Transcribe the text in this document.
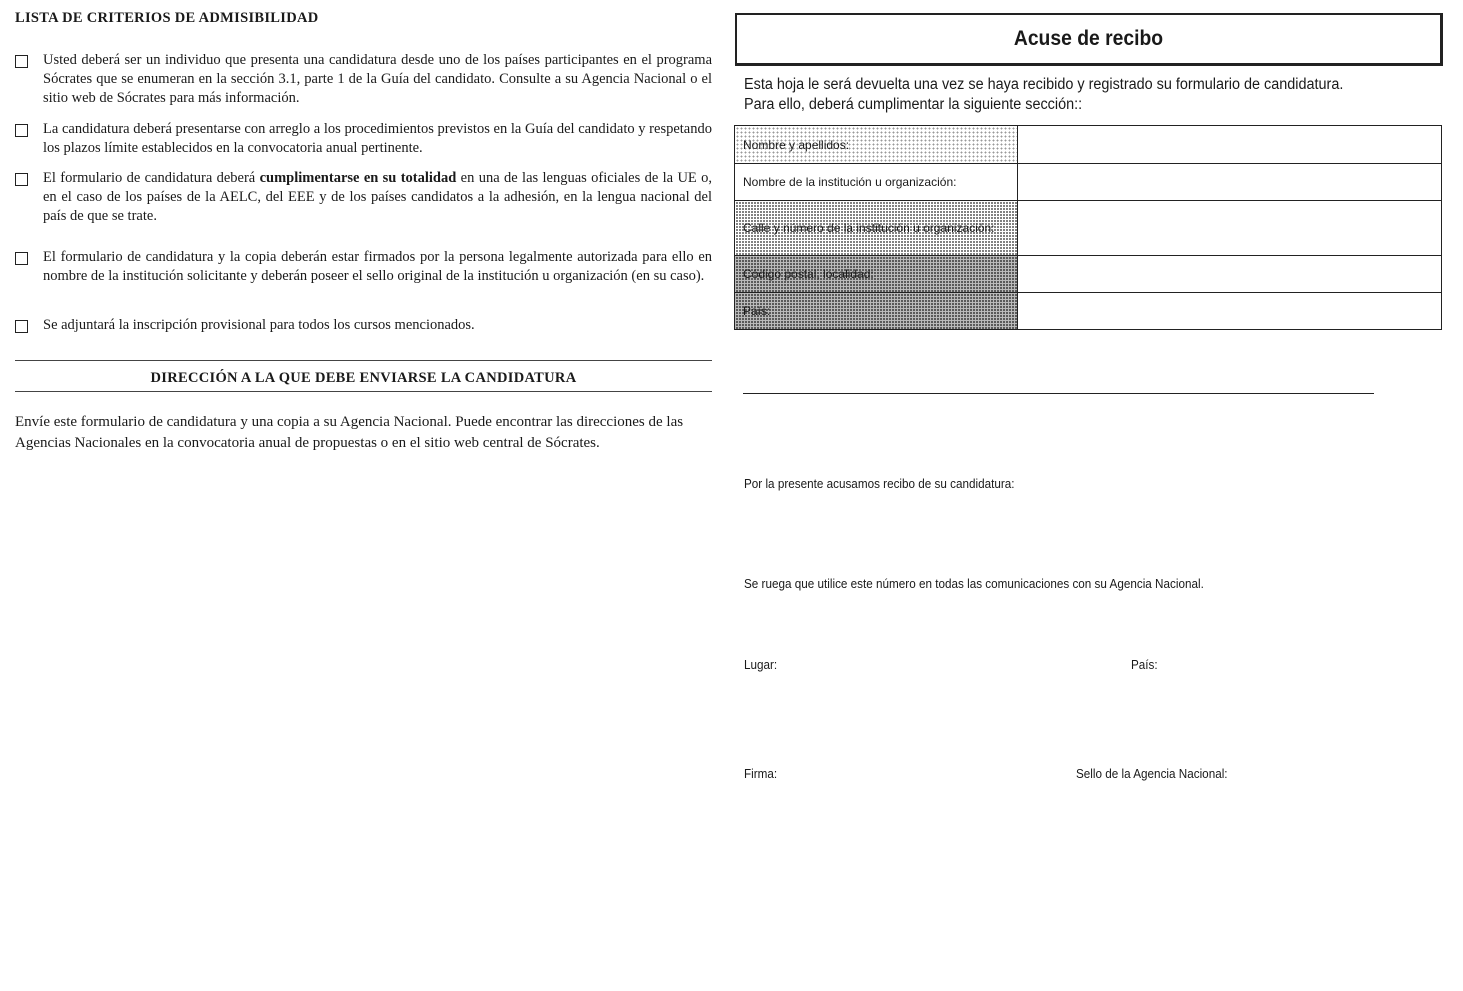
LISTA DE CRITERIOS DE ADMISIBILIDAD
Usted deberá ser un individuo que presenta una candidatura desde uno de los países participantes en el programa Sócrates que se enumeran en la sección 3.1, parte 1 de la Guía del candidato. Consulte a su Agencia Nacional o el sitio web de Sócrates para más información.
La candidatura deberá presentarse con arreglo a los procedimientos previstos en la Guía del candidato y respetando los plazos límite establecidos en la convocatoria anual pertinente.
El formulario de candidatura deberá cumplimentarse en su totalidad en una de las lenguas oficiales de la UE o, en el caso de los países de la AELC, del EEE y de los países candidatos a la adhesión, en la lengua nacional del país de que se trate.
El formulario de candidatura y la copia deberán estar firmados por la persona legalmente autorizada para ello en nombre de la institución solicitante y deberán poseer el sello original de la institución u organización (en su caso).
Se adjuntará la inscripción provisional para todos los cursos mencionados.
DIRECCIÓN A LA QUE DEBE ENVIARSE LA CANDIDATURA
Envíe este formulario de candidatura y una copia a su Agencia Nacional. Puede encontrar las direcciones de las Agencias Nacionales en la convocatoria anual de propuestas o en el sitio web central de Sócrates.
Acuse de recibo
Esta hoja le será devuelta una vez se haya recibido y registrado su formulario de candidatura.
Para ello, deberá cumplimentar la siguiente sección::
Nombre y apellidos:	
Nombre de la institución u organización:	
Calle y número de la institución u organización:	
Código postal, localidad:	
País:	
Por la presente acusamos recibo de su candidatura:
Se ruega que utilice este número en todas las comunicaciones con su Agencia Nacional.
Lugar:	País:
Firma:	Sello de la Agencia Nacional:
